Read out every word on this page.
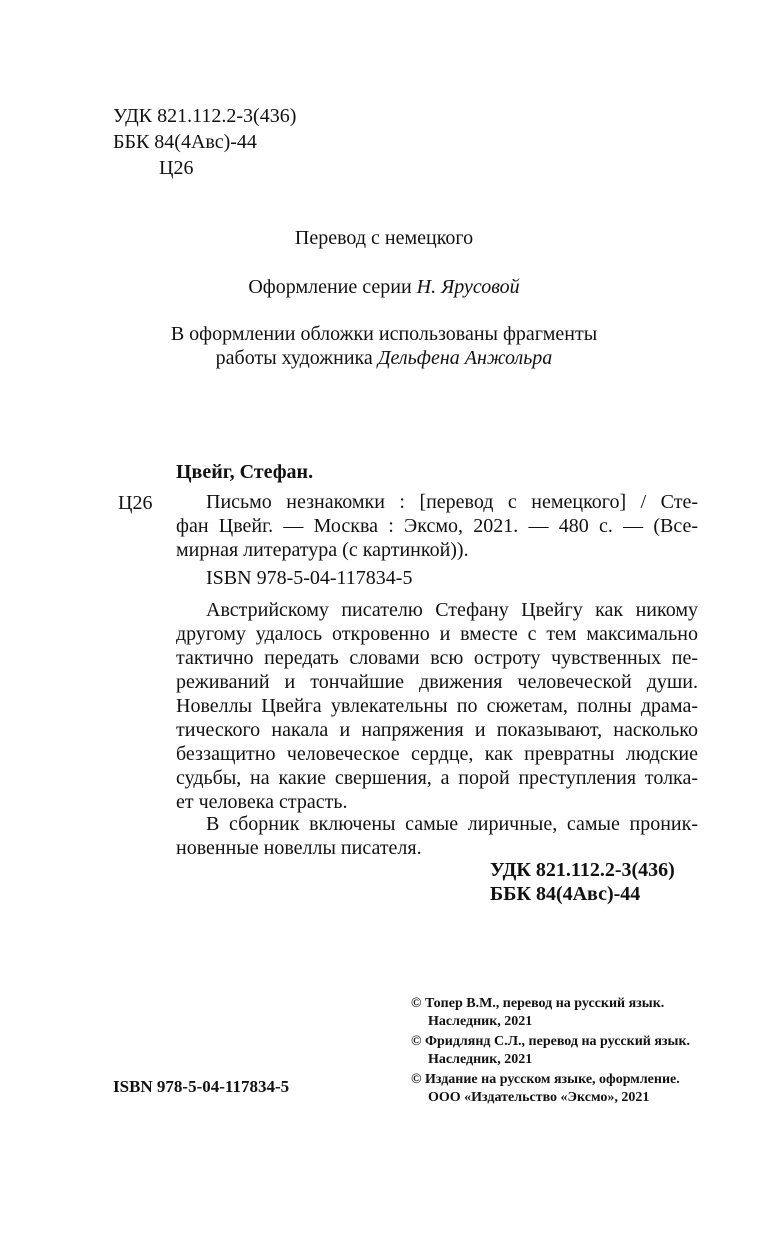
УДК 821.112.2-3(436)
ББК 84(4Авс)-44
Ц26
Перевод с немецкого
Оформление серии Н. Ярусовой
В оформлении обложки использованы фрагменты
работы художника Дельфена Анжольра
Цвейг, Стефан.
Ц26	Письмо незнакомки : [перевод с немецкого] / Сте-
фан Цвейг. — Москва : Эксмо, 2021. — 480 с. — (Все-
мирная литература (с картинкой)).
ISBN 978-5-04-117834-5
Австрийскому писателю Стефану Цвейгу как никому
другому удалось откровенно и вместе с тем максимально
тактично передать словами всю остроту чувственных пе-
реживаний и тончайшие движения человеческой души.
Новеллы Цвейга увлекательны по сюжетам, полны драма-
тического накала и напряжения и показывают, насколько
беззащитно человеческое сердце, как превратны людские
судьбы, на какие свершения, а порой преступления толка-
ет человека страсть.
В сборник включены самые лиричные, самые проник-
новенные новеллы писателя.
УДК 821.112.2-3(436)
ББК 84(4Авс)-44
© Топер В.М., перевод на русский язык.
Наследник, 2021
© Фридлянд С.Л., перевод на русский язык.
Наследник, 2021
© Издание на русском языке, оформление.
ООО «Издательство «Эксмо», 2021
ISBN 978-5-04-117834-5
